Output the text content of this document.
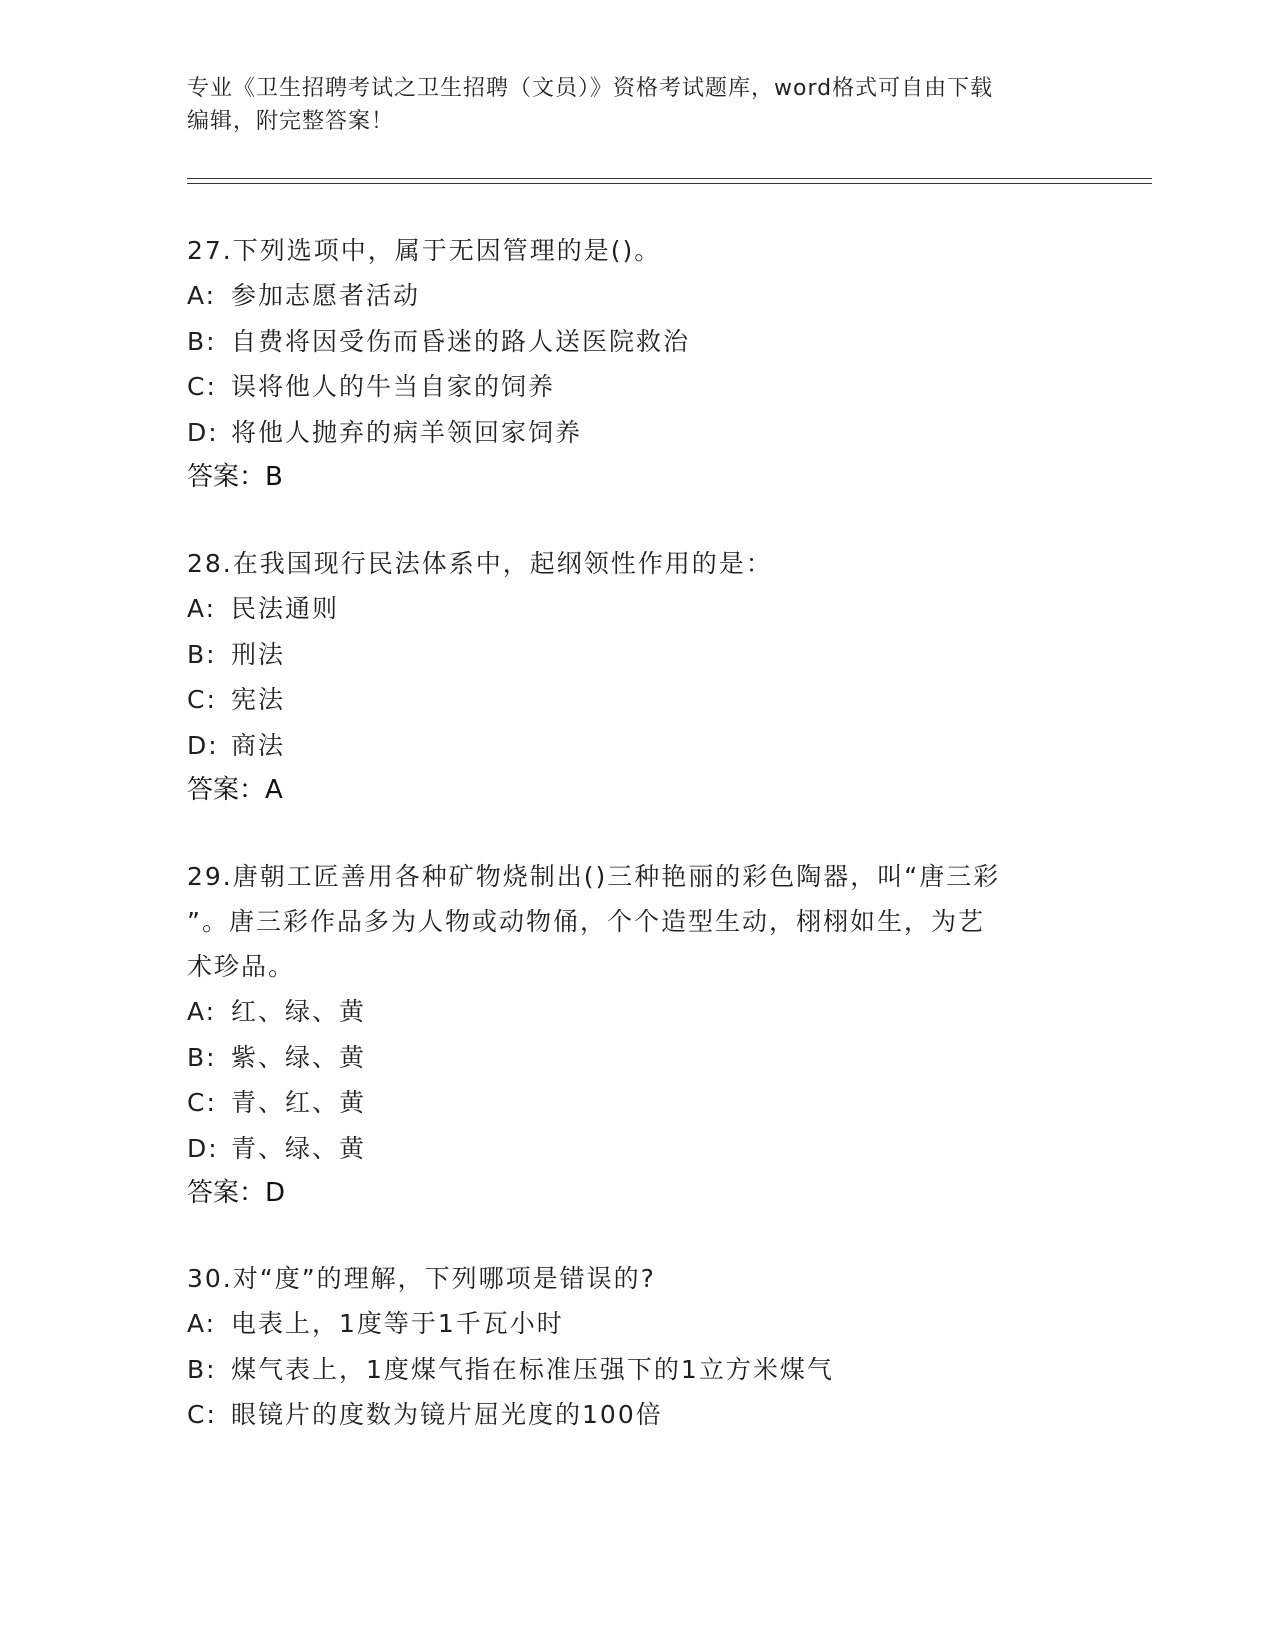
专业《卫生招聘考试之卫生招聘（文员）》资格考试题库，word格式可自由下载
编辑，附完整答案！
27.下列选项中，属于无因管理的是()。
A: 参加志愿者活动
B: 自费将因受伤而昏迷的路人送医院救治
C: 误将他人的牛当自家的饲养
D: 将他人抛弃的病羊领回家饲养
答案：B
28.在我国现行民法体系中，起纲领性作用的是：
A: 民法通则
B: 刑法
C: 宪法
D: 商法
答案：A
29.唐朝工匠善用各种矿物烧制出()三种艳丽的彩色陶器，叫“唐三彩
”。唐三彩作品多为人物或动物俑，个个造型生动，栩栩如生，为艺
术珍品。
A: 红、绿、黄
B: 紫、绿、黄
C: 青、红、黄
D: 青、绿、黄
答案：D
30.对“度”的理解，下列哪项是错误的?
A: 电表上，1度等于1千瓦小时
B: 煤气表上，1度煤气指在标准压强下的1立方米煤气
C: 眼镜片的度数为镜片屈光度的100倍
